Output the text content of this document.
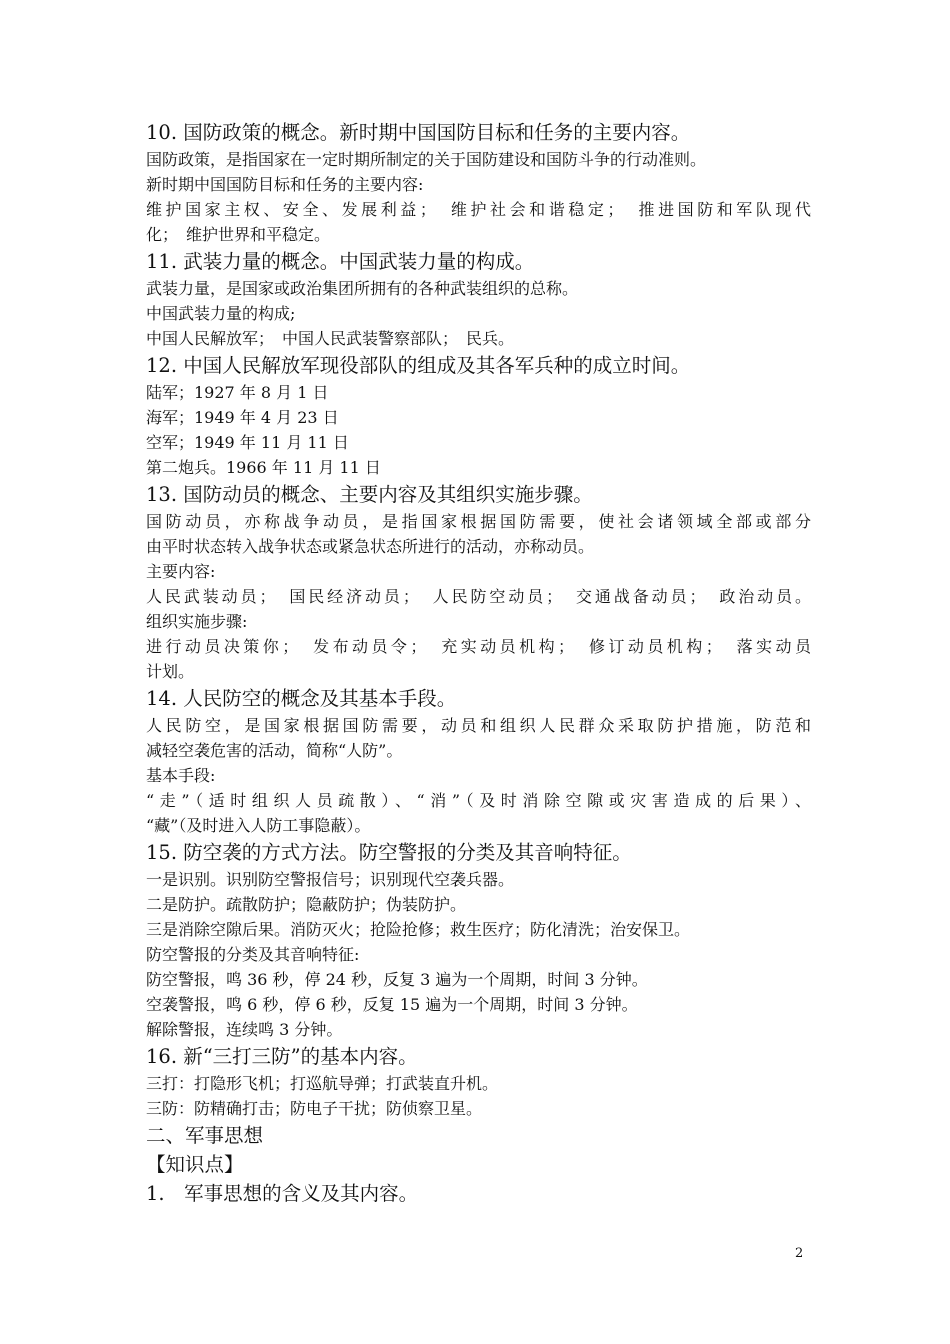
10. 国防政策的概念。新时期中国国防目标和任务的主要内容。
国防政策，是指国家在一定时期所制定的关于国防建设和国防斗争的行动准则。
新时期中国国防目标和任务的主要内容:
维护国家主权、安全、发展利益；　维护社会和谐稳定；　推进国防和军队现代
化；　维护世界和平稳定。
11. 武装力量的概念。中国武装力量的构成。
武装力量，是国家或政治集团所拥有的各种武装组织的总称。
中国武装力量的构成;
中国人民解放军；　中国人民武装警察部队；　民兵。
12. 中国人民解放军现役部队的组成及其各军兵种的成立时间。
陆军；1927 年 8 月 1 日
海军；1949 年 4 月 23 日
空军；1949 年 11 月 11 日
第二炮兵。1966 年 11 月 11 日
13. 国防动员的概念、主要内容及其组织实施步骤。
国防动员，亦称战争动员，是指国家根据国防需要，使社会诸领域全部或部分
由平时状态转入战争状态或紧急状态所进行的活动，亦称动员。
主要内容:
人民武装动员；　国民经济动员；　人民防空动员；　交通战备动员；　政治动员。
组织实施步骤:
进行动员决策你；　发布动员令；　充实动员机构；　修订动员机构；　落实动员
计划。
14. 人民防空的概念及其基本手段。
人民防空，是国家根据国防需要，动员和组织人民群众采取防护措施，防范和
减轻空袭危害的活动，简称“人防”。
基本手段:
“走”（适时组织人员疏散）、“消”（及时消除空隙或灾害造成的后果）、
“藏”（及时进入人防工事隐蔽）。
15. 防空袭的方式方法。防空警报的分类及其音响特征。
一是识别。识别防空警报信号；识别现代空袭兵器。
二是防护。疏散防护；隐蔽防护；伪装防护。
三是消除空隙后果。消防灭火；抢险抢修；救生医疗；防化清洗；治安保卫。
防空警报的分类及其音响特征:
防空警报，鸣 36 秒，停 24 秒，反复 3 遍为一个周期，时间 3 分钟。
空袭警报，鸣 6 秒，停 6 秒，反复 15 遍为一个周期，时间 3 分钟。
解除警报，连续鸣 3 分钟。
16. 新“三打三防”的基本内容。
三打：打隐形飞机；打巡航导弹；打武装直升机。
三防：防精确打击；防电子干扰；防侦察卫星。
二、军事思想
【知识点】
1.　军事思想的含义及其内容。
2
